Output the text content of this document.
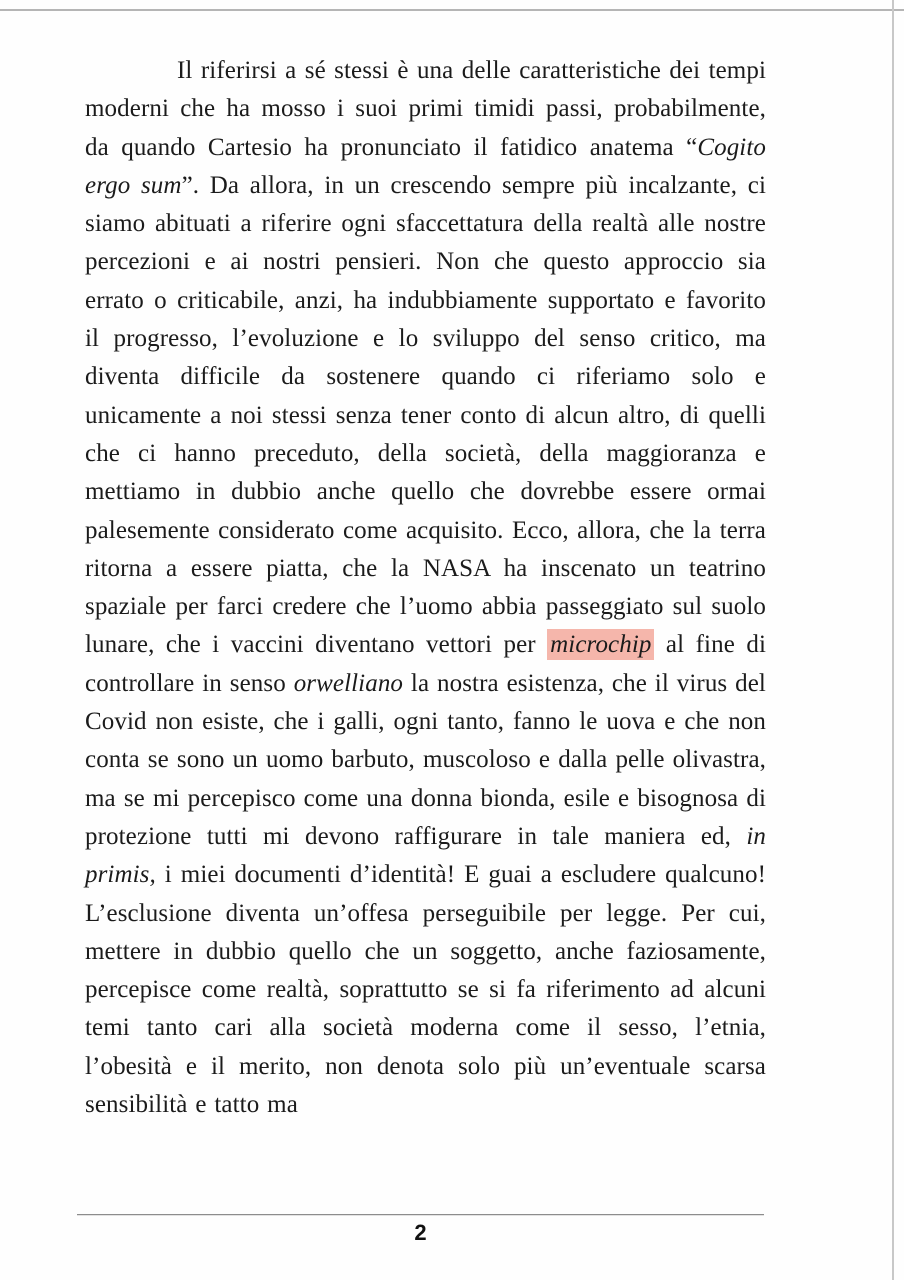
Il riferirsi a sé stessi è una delle caratteristiche dei tempi moderni che ha mosso i suoi primi timidi passi, probabilmente, da quando Cartesio ha pronunciato il fatidico anatema “Cogito ergo sum”. Da allora, in un crescendo sempre più incalzante, ci siamo abituati a riferire ogni sfaccettatura della realtà alle nostre percezioni e ai nostri pensieri. Non che questo approccio sia errato o criticabile, anzi, ha indubbiamente supportato e favorito il progresso, l’evoluzione e lo sviluppo del senso critico, ma diventa difficile da sostenere quando ci riferiamo solo e unicamente a noi stessi senza tener conto di alcun altro, di quelli che ci hanno preceduto, della società, della maggioranza e mettiamo in dubbio anche quello che dovrebbe essere ormai palesemente considerato come acquisito. Ecco, allora, che la terra ritorna a essere piatta, che la NASA ha inscenato un teatrino spaziale per farci credere che l’uomo abbia passeggiato sul suolo lunare, che i vaccini diventano vettori per microchip al fine di controllare in senso orwelliano la nostra esistenza, che il virus del Covid non esiste, che i galli, ogni tanto, fanno le uova e che non conta se sono un uomo barbuto, muscoloso e dalla pelle olivastra, ma se mi percepisco come una donna bionda, esile e bisognosa di protezione tutti mi devono raffigurare in tale maniera ed, in primis, i miei documenti d’identità! E guai a escludere qualcuno! L’esclusione diventa un’offesa perseguibile per legge. Per cui, mettere in dubbio quello che un soggetto, anche faziosamente, percepisce come realtà, soprattutto se si fa riferimento ad alcuni temi tanto cari alla società moderna come il sesso, l’etnia, l’obesità e il merito, non denota solo più un’eventuale scarsa sensibilità e tatto ma

2
